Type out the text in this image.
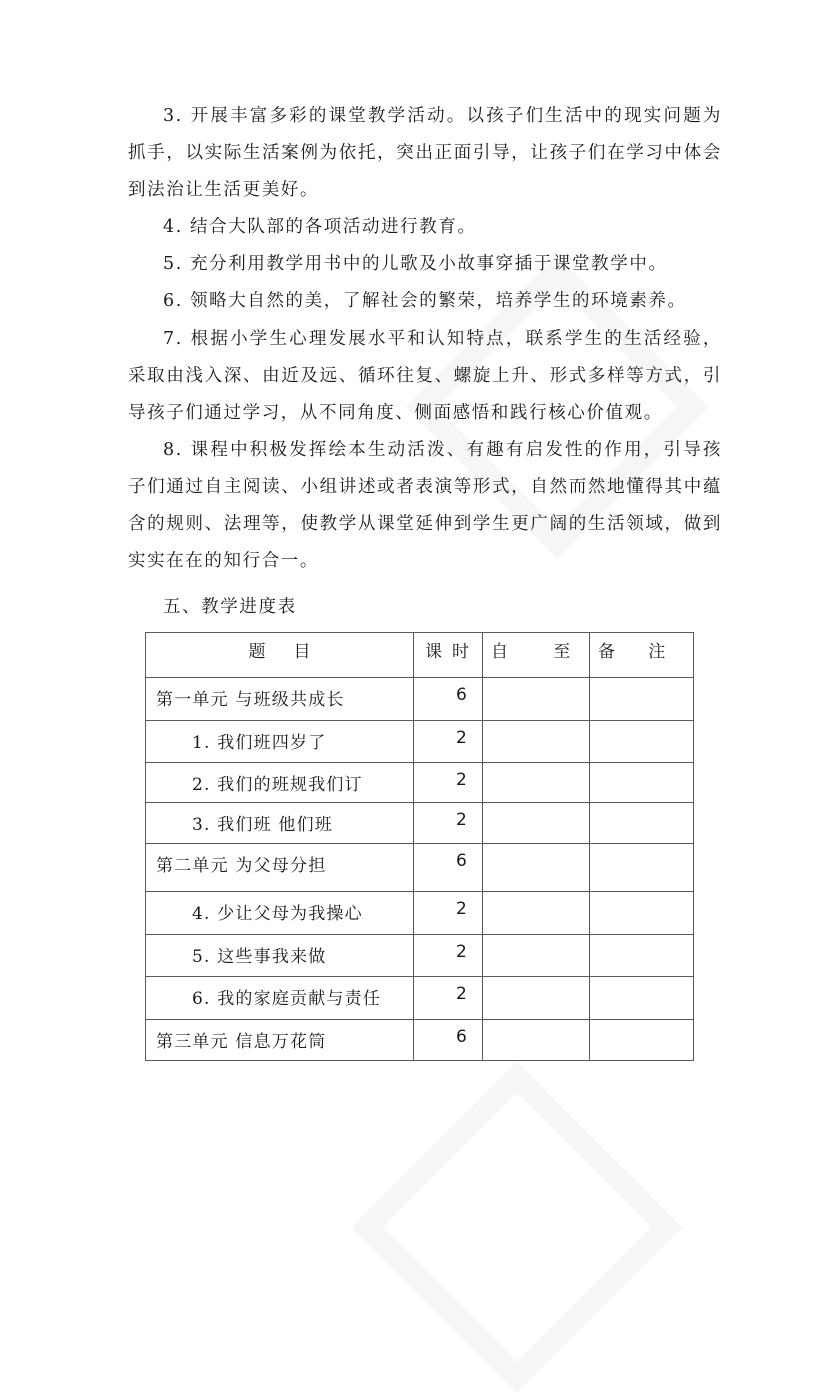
3. 开展丰富多彩的课堂教学活动。以孩子们生活中的现实问题为抓手，以实际生活案例为依托，突出正面引导，让孩子们在学习中体会到法治让生活更美好。

4. 结合大队部的各项活动进行教育。

5. 充分利用教学用书中的儿歌及小故事穿插于课堂教学中。

6. 领略大自然的美，了解社会的繁荣，培养学生的环境素养。

7. 根据小学生心理发展水平和认知特点，联系学生的生活经验，采取由浅入深、由近及远、循环往复、螺旋上升、形式多样等方式，引导孩子们通过学习，从不同角度、侧面感悟和践行核心价值观。

8. 课程中积极发挥绘本生动活泼、有趣有启发性的作用，引导孩子们通过自主阅读、小组讲述或者表演等形式，自然而然地懂得其中蕴含的规则、法理等，使教学从课堂延伸到学生更广阔的生活领域，做到实实在在的知行合一。

五、教学进度表

题目	课时	自 至	备 注
第一单元 与班级共成长	6		
1. 我们班四岁了	2		
2. 我们的班规我们订	2		
3. 我们班 他们班	2		
第二单元 为父母分担	6		
4. 少让父母为我操心	2		
5. 这些事我来做	2		
6. 我的家庭贡献与责任	2		
第三单元 信息万花筒	6		
